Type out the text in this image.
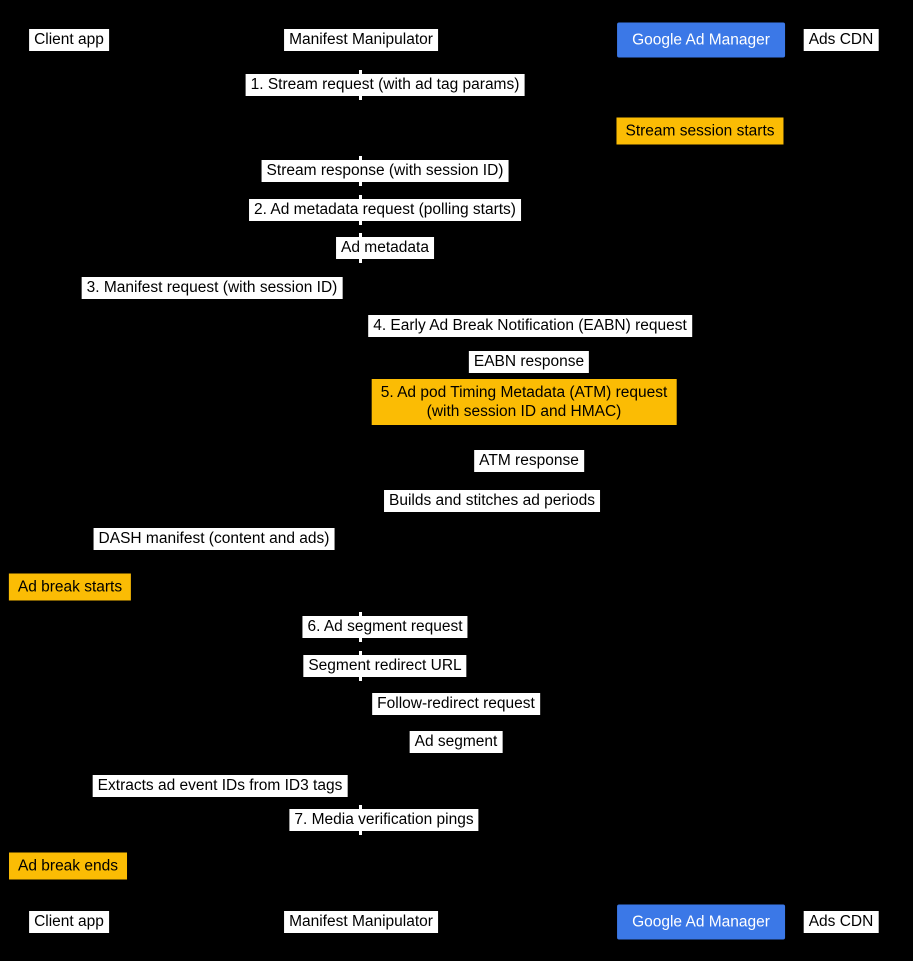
Client app	Manifest Manipulator	Google Ad Manager	Ads CDN
1. Stream request (with ad tag params)
Stream session starts
Stream response (with session ID)
2. Ad metadata request (polling starts)
Ad metadata
3. Manifest request (with session ID)
4. Early Ad Break Notification (EABN) request
EABN response
5. Ad pod Timing Metadata (ATM) request
(with session ID and HMAC)
ATM response
Builds and stitches ad periods
DASH manifest (content and ads)
Ad break starts
6. Ad segment request
Segment redirect URL
Follow-redirect request
Ad segment
Extracts ad event IDs from ID3 tags
7. Media verification pings
Ad break ends
Client app	Manifest Manipulator	Google Ad Manager	Ads CDN
